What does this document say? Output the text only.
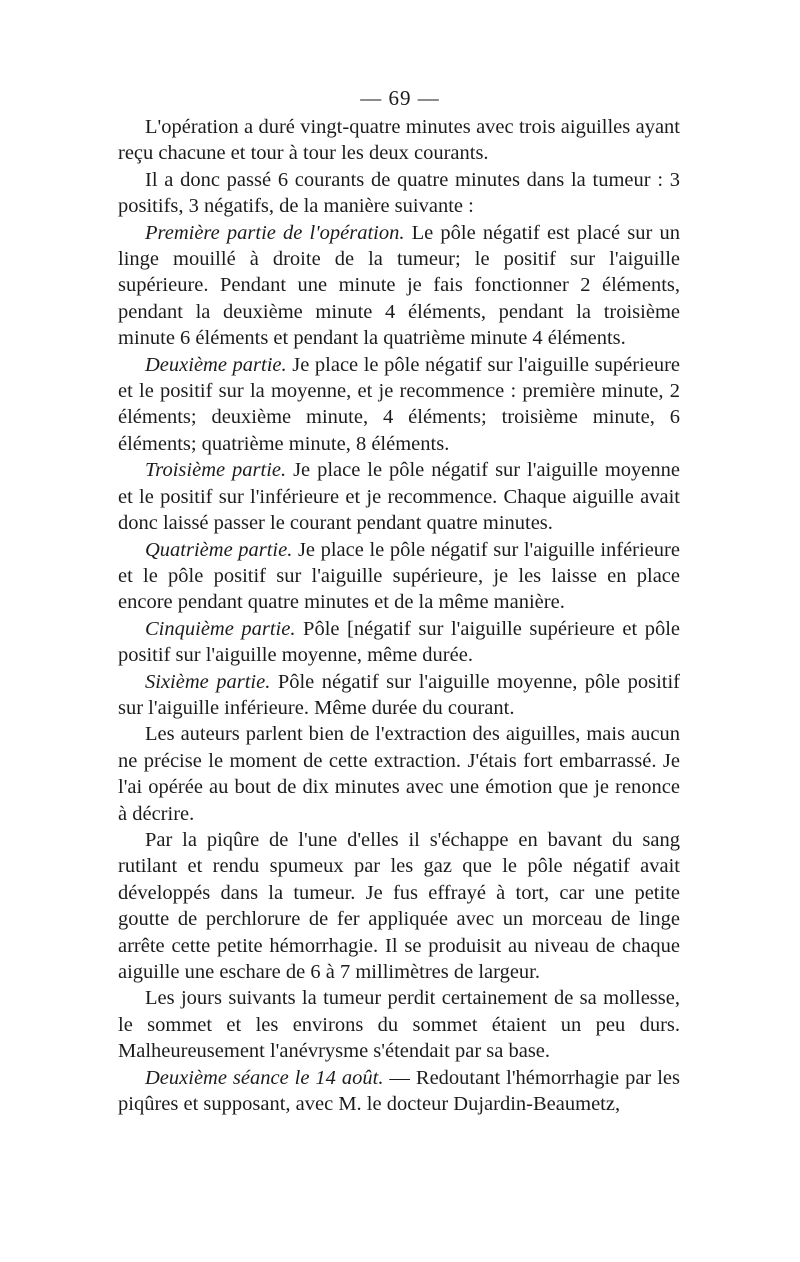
— 69 —

L'opération a duré vingt-quatre minutes avec trois aiguilles ayant reçu chacune et tour à tour les deux courants.

Il a donc passé 6 courants de quatre minutes dans la tumeur : 3 positifs, 3 négatifs, de la manière suivante :

Première partie de l'opération. Le pôle négatif est placé sur un linge mouillé à droite de la tumeur; le positif sur l'aiguille supérieure. Pendant une minute je fais fonctionner 2 éléments, pendant la deuxième minute 4 éléments, pendant la troisième minute 6 éléments et pendant la quatrième minute 4 éléments.

Deuxième partie. Je place le pôle négatif sur l'aiguille supérieure et le positif sur la moyenne, et je recommence : première minute, 2 éléments; deuxième minute, 4 éléments; troisième minute, 6 éléments; quatrième minute, 8 éléments.

Troisième partie. Je place le pôle négatif sur l'aiguille moyenne et le positif sur l'inférieure et je recommence. Chaque aiguille avait donc laissé passer le courant pendant quatre minutes.

Quatrième partie. Je place le pôle négatif sur l'aiguille inférieure et le pôle positif sur l'aiguille supérieure, je les laisse en place encore pendant quatre minutes et de la même manière.

Cinquième partie. Pôle [négatif sur l'aiguille supérieure et pôle positif sur l'aiguille moyenne, même durée.

Sixième partie. Pôle négatif sur l'aiguille moyenne, pôle positif sur l'aiguille inférieure. Même durée du courant.

Les auteurs parlent bien de l'extraction des aiguilles, mais aucun ne précise le moment de cette extraction. J'étais fort embarrassé. Je l'ai opérée au bout de dix minutes avec une émotion que je renonce à décrire.

Par la piqûre de l'une d'elles il s'échappe en bavant du sang rutilant et rendu spumeux par les gaz que le pôle négatif avait développés dans la tumeur. Je fus effrayé à tort, car une petite goutte de perchlorure de fer appliquée avec un morceau de linge arrête cette petite hémorrhagie. Il se produisit au niveau de chaque aiguille une eschare de 6 à 7 millimètres de largeur.

Les jours suivants la tumeur perdit certainement de sa mollesse, le sommet et les environs du sommet étaient un peu durs. Malheureusement l'anévrysme s'étendait par sa base.

Deuxième séance le 14 août. — Redoutant l'hémorrhagie par les piqûres et supposant, avec M. le docteur Dujardin-Beaumetz,
